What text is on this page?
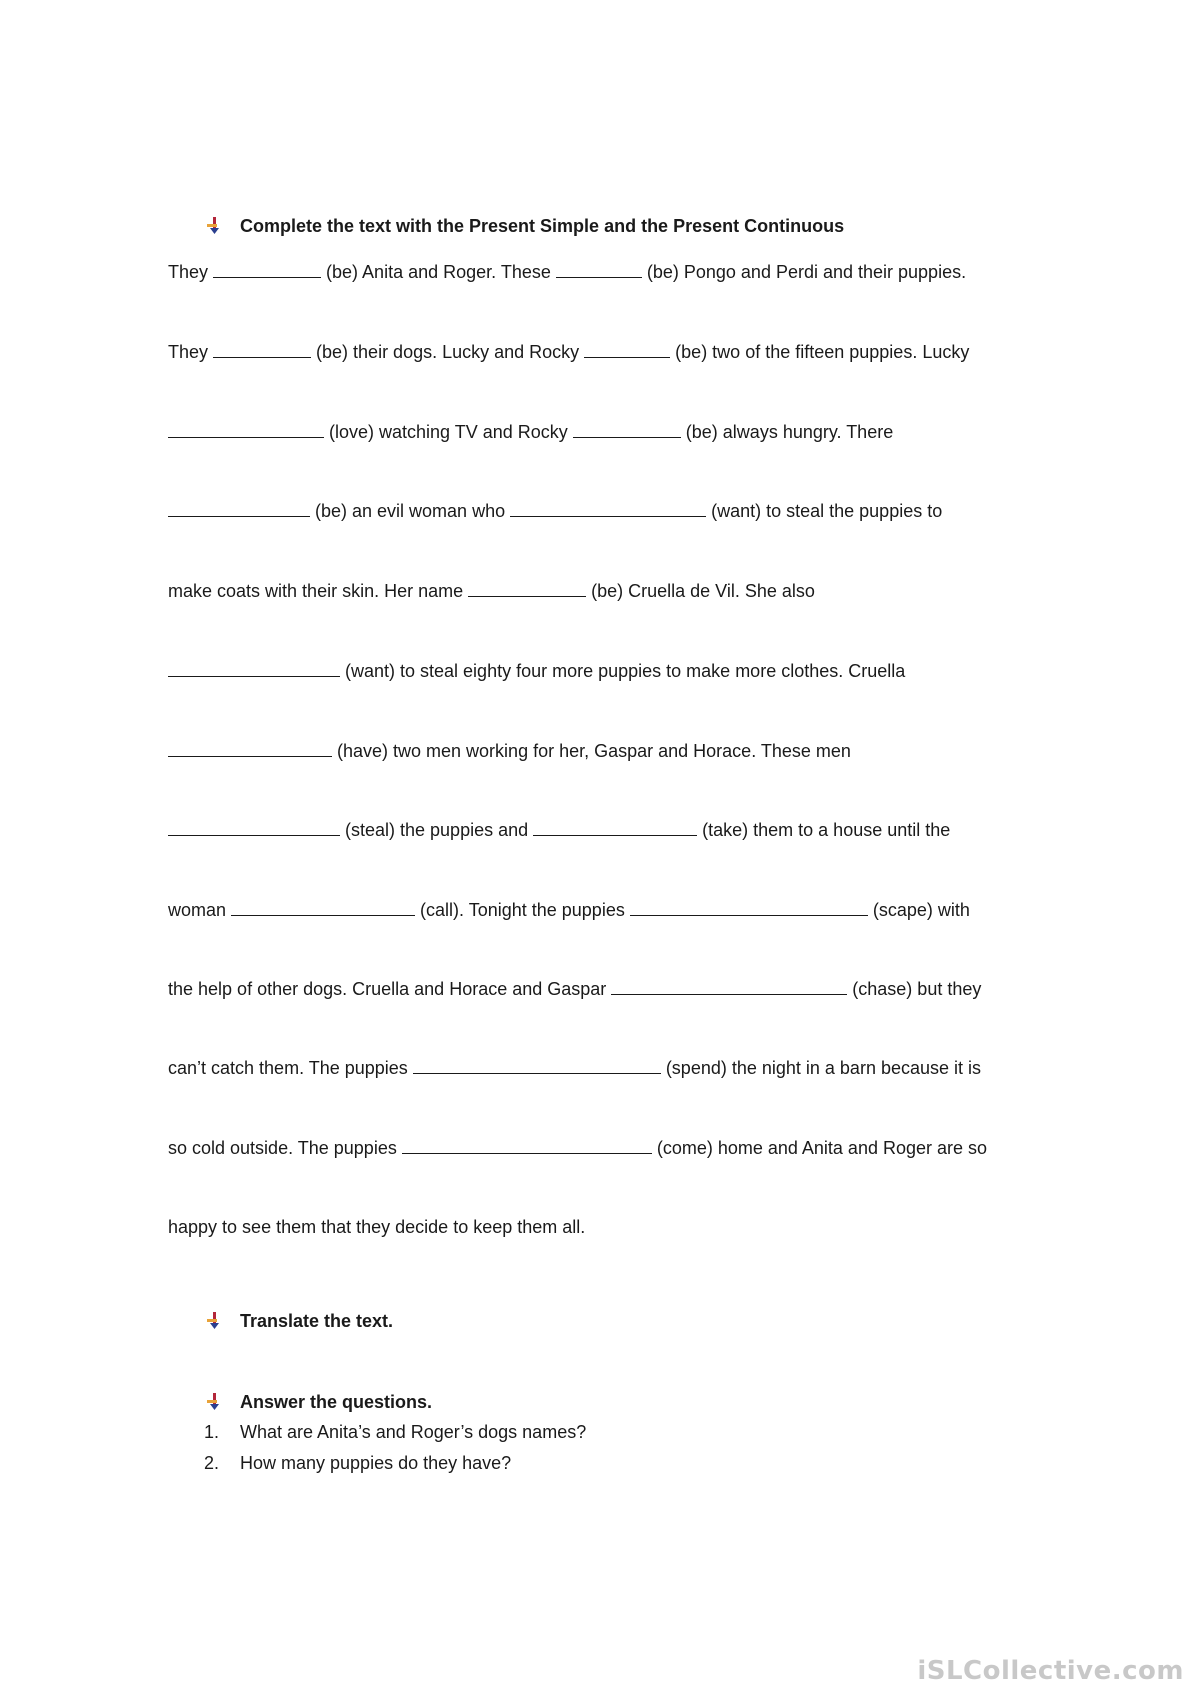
Complete the text with the Present Simple and the Present Continuous
They	(be) Anita and Roger. These	(be) Pongo and Perdi and their puppies.
They	(be) their dogs. Lucky and Rocky	(be) two of the fifteen puppies. Lucky
(love) watching TV and Rocky	(be) always hungry. There
(be) an evil woman who	(want) to steal the puppies to
make coats with their skin. Her name	(be) Cruella de Vil. She also
(want) to steal eighty four more puppies to make more clothes. Cruella
(have) two men working for her, Gaspar and Horace. These men
(steal) the puppies and	(take) them to a house until the
woman	(call). Tonight the puppies	(scape) with
the help of other dogs. Cruella and Horace and Gaspar	(chase) but they
can’t catch them. The puppies	(spend) the night in a barn because it is
so cold outside. The puppies	(come) home and Anita and Roger are so
happy to see them that they decide to keep them all.
Translate the text.
Answer the questions.
1. What are Anita’s and Roger’s dogs names?
2. How many puppies do they have?
iSLCollective.com
